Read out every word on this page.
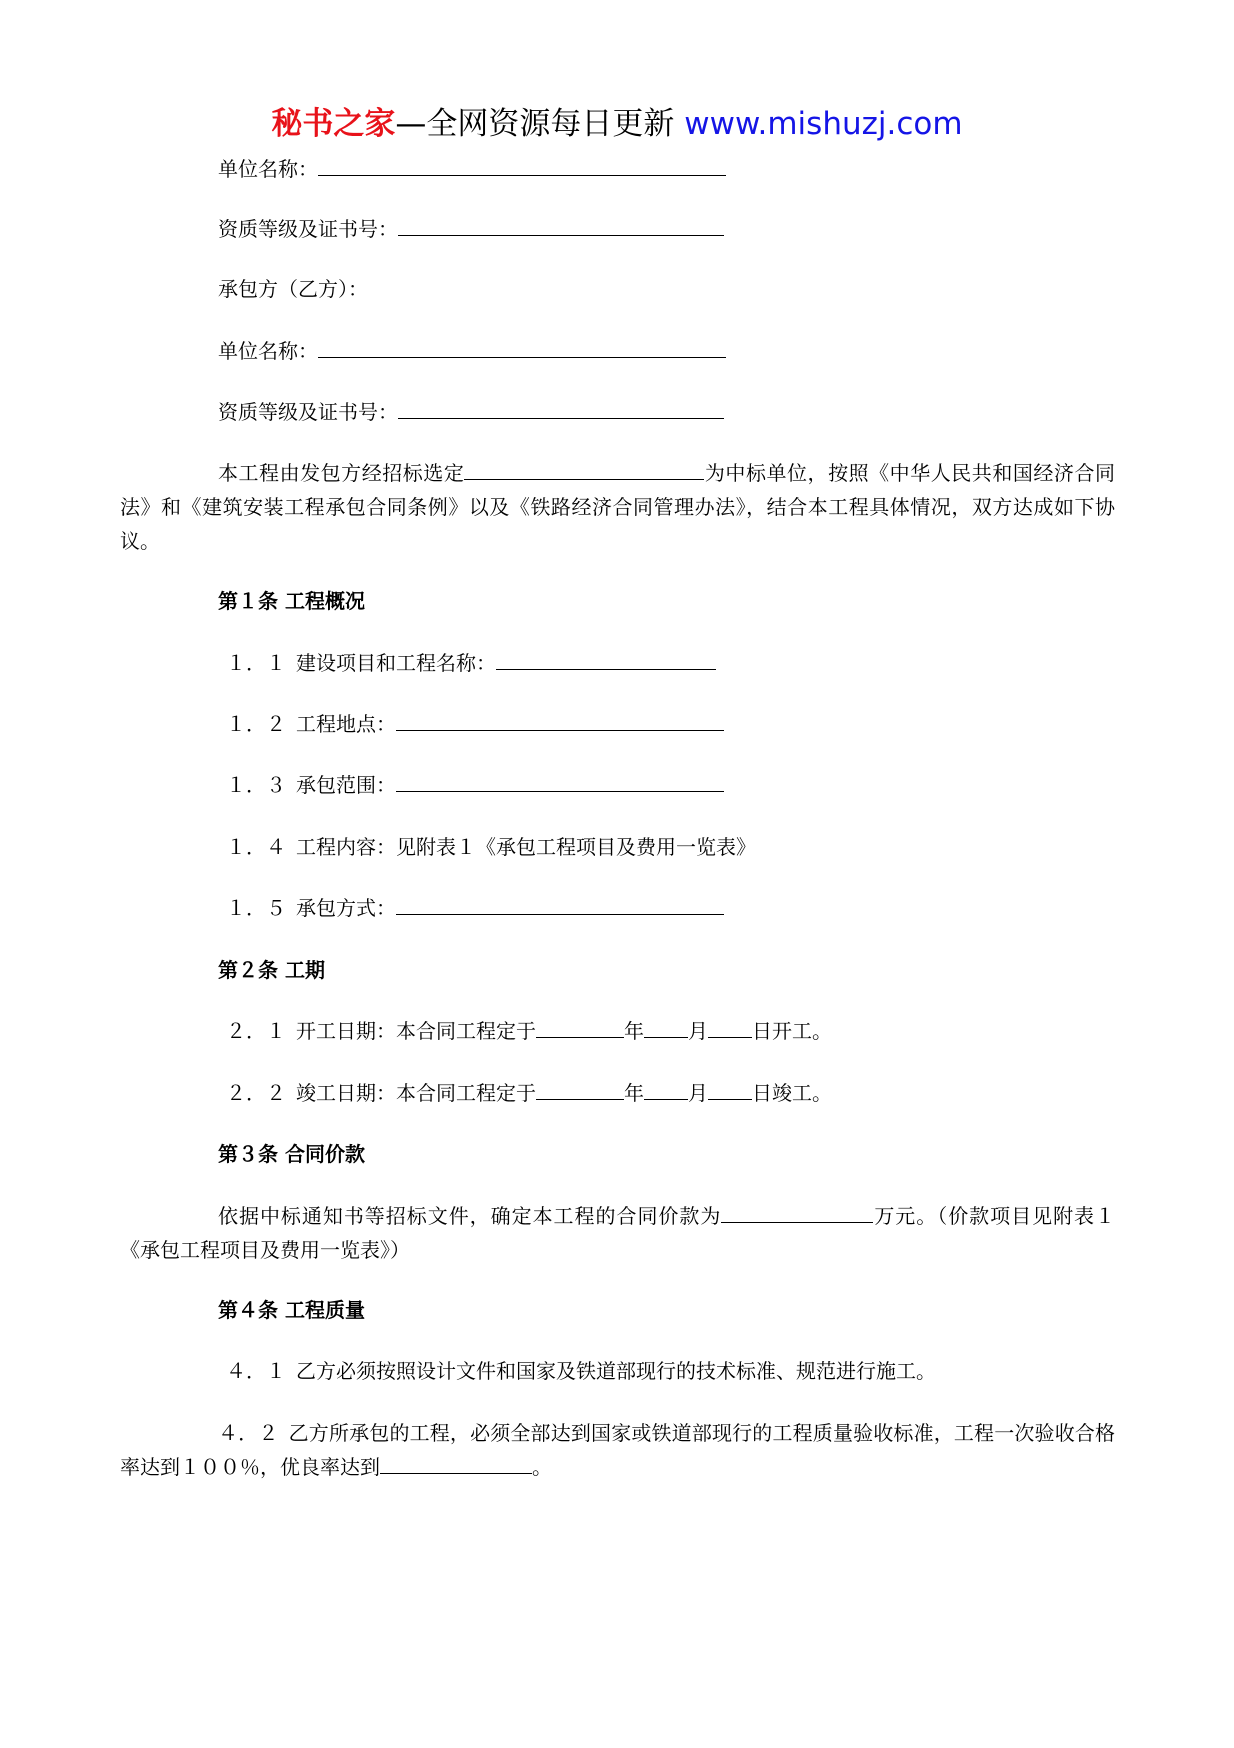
秘书之家—全网资源每日更新 www.mishuzj.com
单位名称：
资质等级及证书号：
承包方（乙方）：
单位名称：
资质等级及证书号：
本工程由发包方经招标选定	为中标单位，按照《中华人民共和国经济合同法》和《建筑安装工程承包合同条例》以及《铁路经济合同管理办法》，结合本工程具体情况，双方达成如下协议。
第１条 工程概况
１．１ 建设项目和工程名称：
１．２ 工程地点：
１．３ 承包范围：
１．４ 工程内容：见附表１《承包工程项目及费用一览表》
１．５ 承包方式：
第２条 工期
２．１ 开工日期：本合同工程定于	年 月 日开工。
２．２ 竣工日期：本合同工程定于	年 月 日竣工。
第３条 合同价款
依据中标通知书等招标文件，确定本工程的合同价款为	万元。（价款项目见附表１《承包工程项目及费用一览表》）
第４条 工程质量
４．１ 乙方必须按照设计文件和国家及铁道部现行的技术标准、规范进行施工。
４．２ 乙方所承包的工程，必须全部达到国家或铁道部现行的工程质量验收标准，工程一次验收合格率达到１００％，优良率达到	。
